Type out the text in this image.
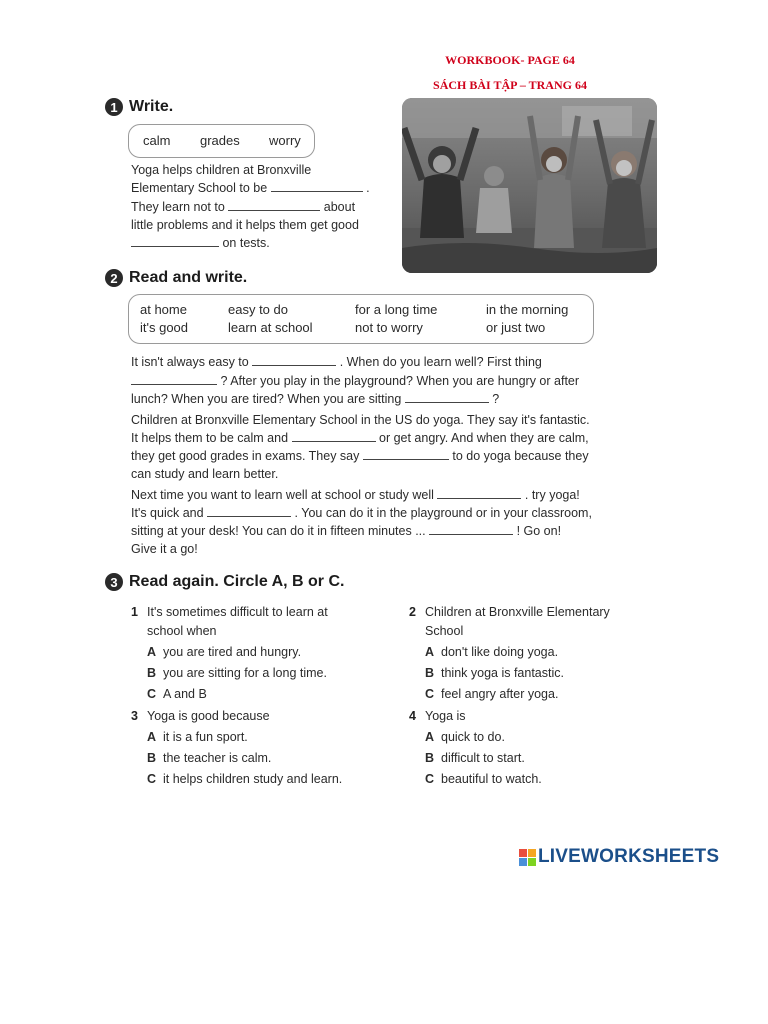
WORKBOOK- PAGE 64
SÁCH BÀI TẬP – TRANG 64
1 Write.
calm grades worry
Yoga helps children at Bronxville
Elementary School to be	.
They learn not to	about
little problems and it helps them get good
on tests.
2 Read and write.
at home	easy to do	for a long time	in the morning
it's good	learn at school	not to worry	or just two
It isn't always easy to	. When do you learn well? First thing
? After you play in the playground? When you are hungry or after
lunch? When you are tired? When you are sitting	?
Children at Bronxville Elementary School in the US do yoga. They say it's fantastic.
It helps them to be calm and	or get angry. And when they are calm,
they get good grades in exams. They say	to do yoga because they
can study and learn better.
Next time you want to learn well at school or study well	. try yoga!
It's quick and	. You can do it in the playground or in your classroom,
sitting at your desk! You can do it in fifteen minutes ...	! Go on!
Give it a go!
3 Read again. Circle A, B or C.
1 It's sometimes difficult to learn at
school when
A you are tired and hungry.
B you are sitting for a long time.
C A and B
2 Children at Bronxville Elementary
School
A don't like doing yoga.
B think yoga is fantastic.
C feel angry after yoga.
3 Yoga is good because
A it is a fun sport.
B the teacher is calm.
C it helps children study and learn.
4 Yoga is
A quick to do.
B difficult to start.
C beautiful to watch.
LIVEWORKSHEETS
